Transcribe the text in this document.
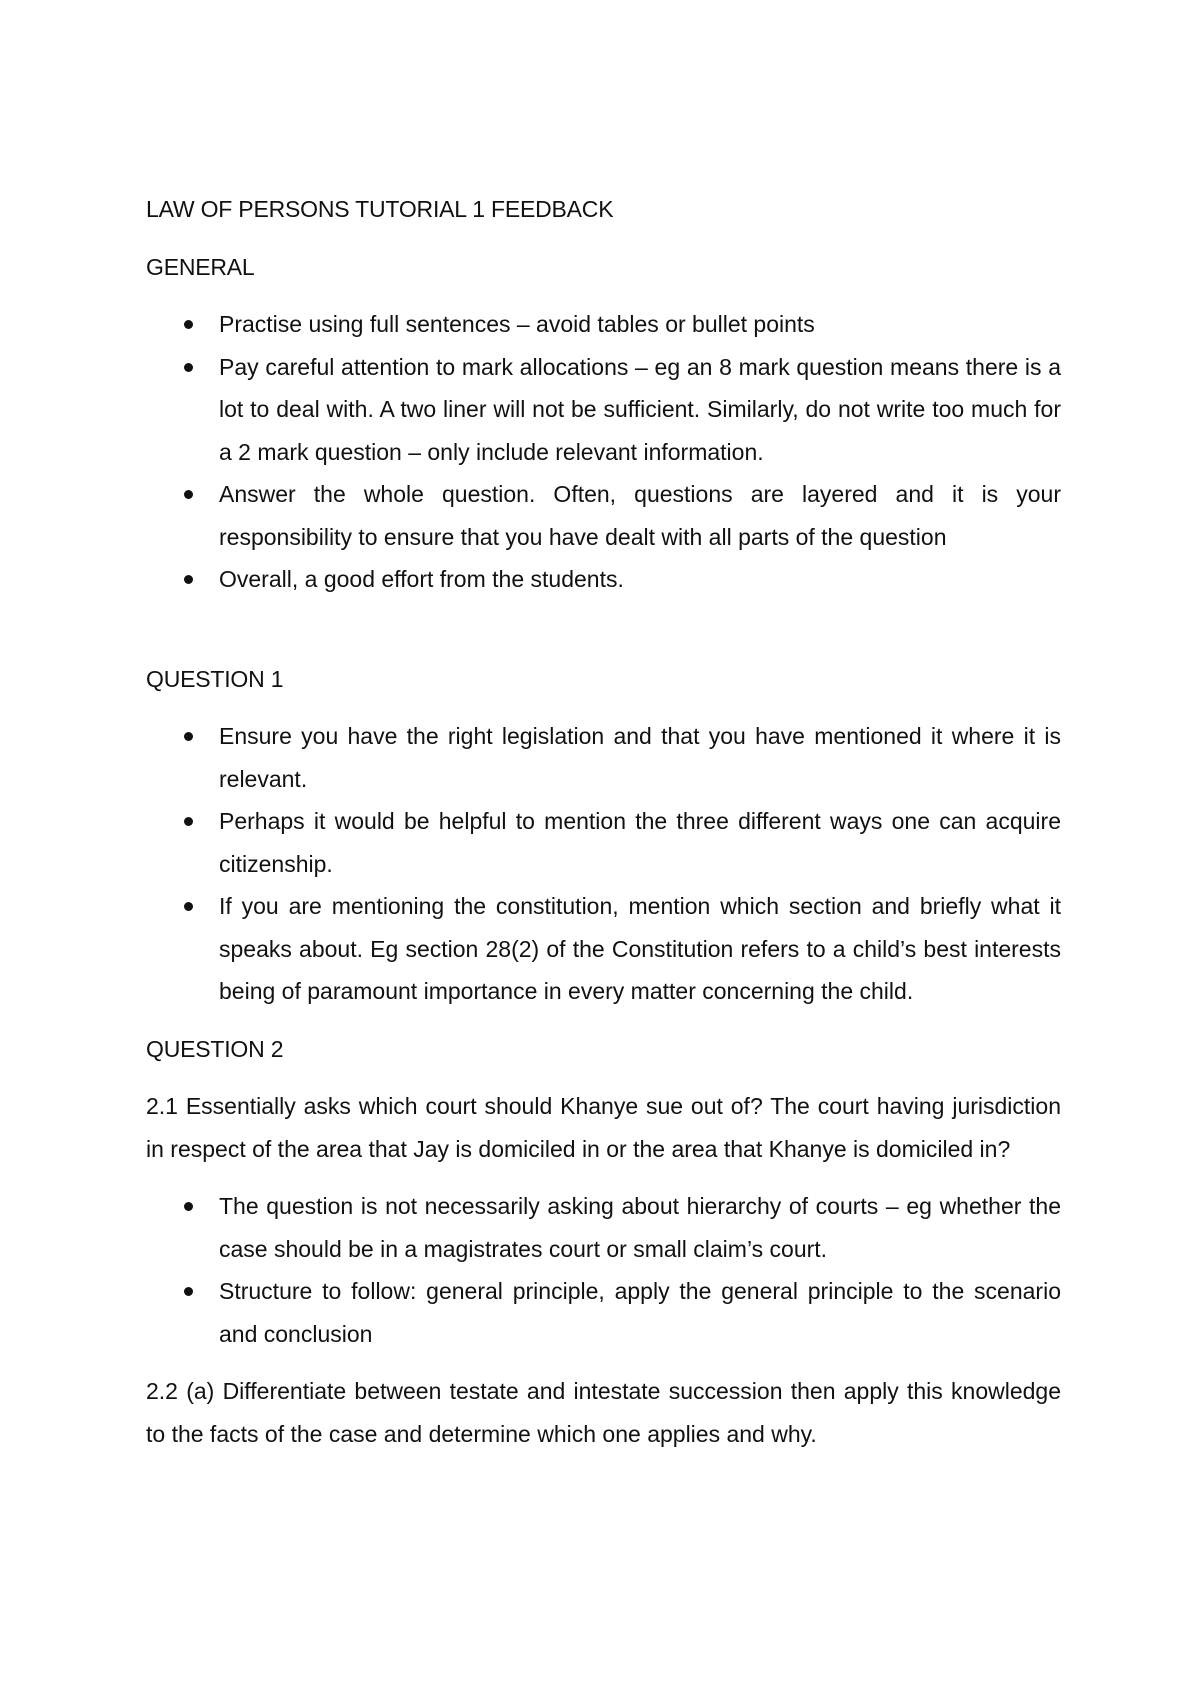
LAW OF PERSONS TUTORIAL 1 FEEDBACK
GENERAL
Practise using full sentences – avoid tables or bullet points
Pay careful attention to mark allocations – eg an 8 mark question means there is a lot to deal with. A two liner will not be sufficient. Similarly, do not write too much for a 2 mark question – only include relevant information.
Answer the whole question. Often, questions are layered and it is your responsibility to ensure that you have dealt with all parts of the question
Overall, a good effort from the students.
QUESTION 1
Ensure you have the right legislation and that you have mentioned it where it is relevant.
Perhaps it would be helpful to mention the three different ways one can acquire citizenship.
If you are mentioning the constitution, mention which section and briefly what it speaks about. Eg section 28(2) of the Constitution refers to a child’s best interests being of paramount importance in every matter concerning the child.
QUESTION 2

2.1 Essentially asks which court should Khanye sue out of? The court having jurisdiction in respect of the area that Jay is domiciled in or the area that Khanye is domiciled in?

The question is not necessarily asking about hierarchy of courts – eg whether the case should be in a magistrates court or small claim’s court.
Structure to follow: general principle, apply the general principle to the scenario and conclusion

2.2 (a) Differentiate between testate and intestate succession then apply this knowledge to the facts of the case and determine which one applies and why.
